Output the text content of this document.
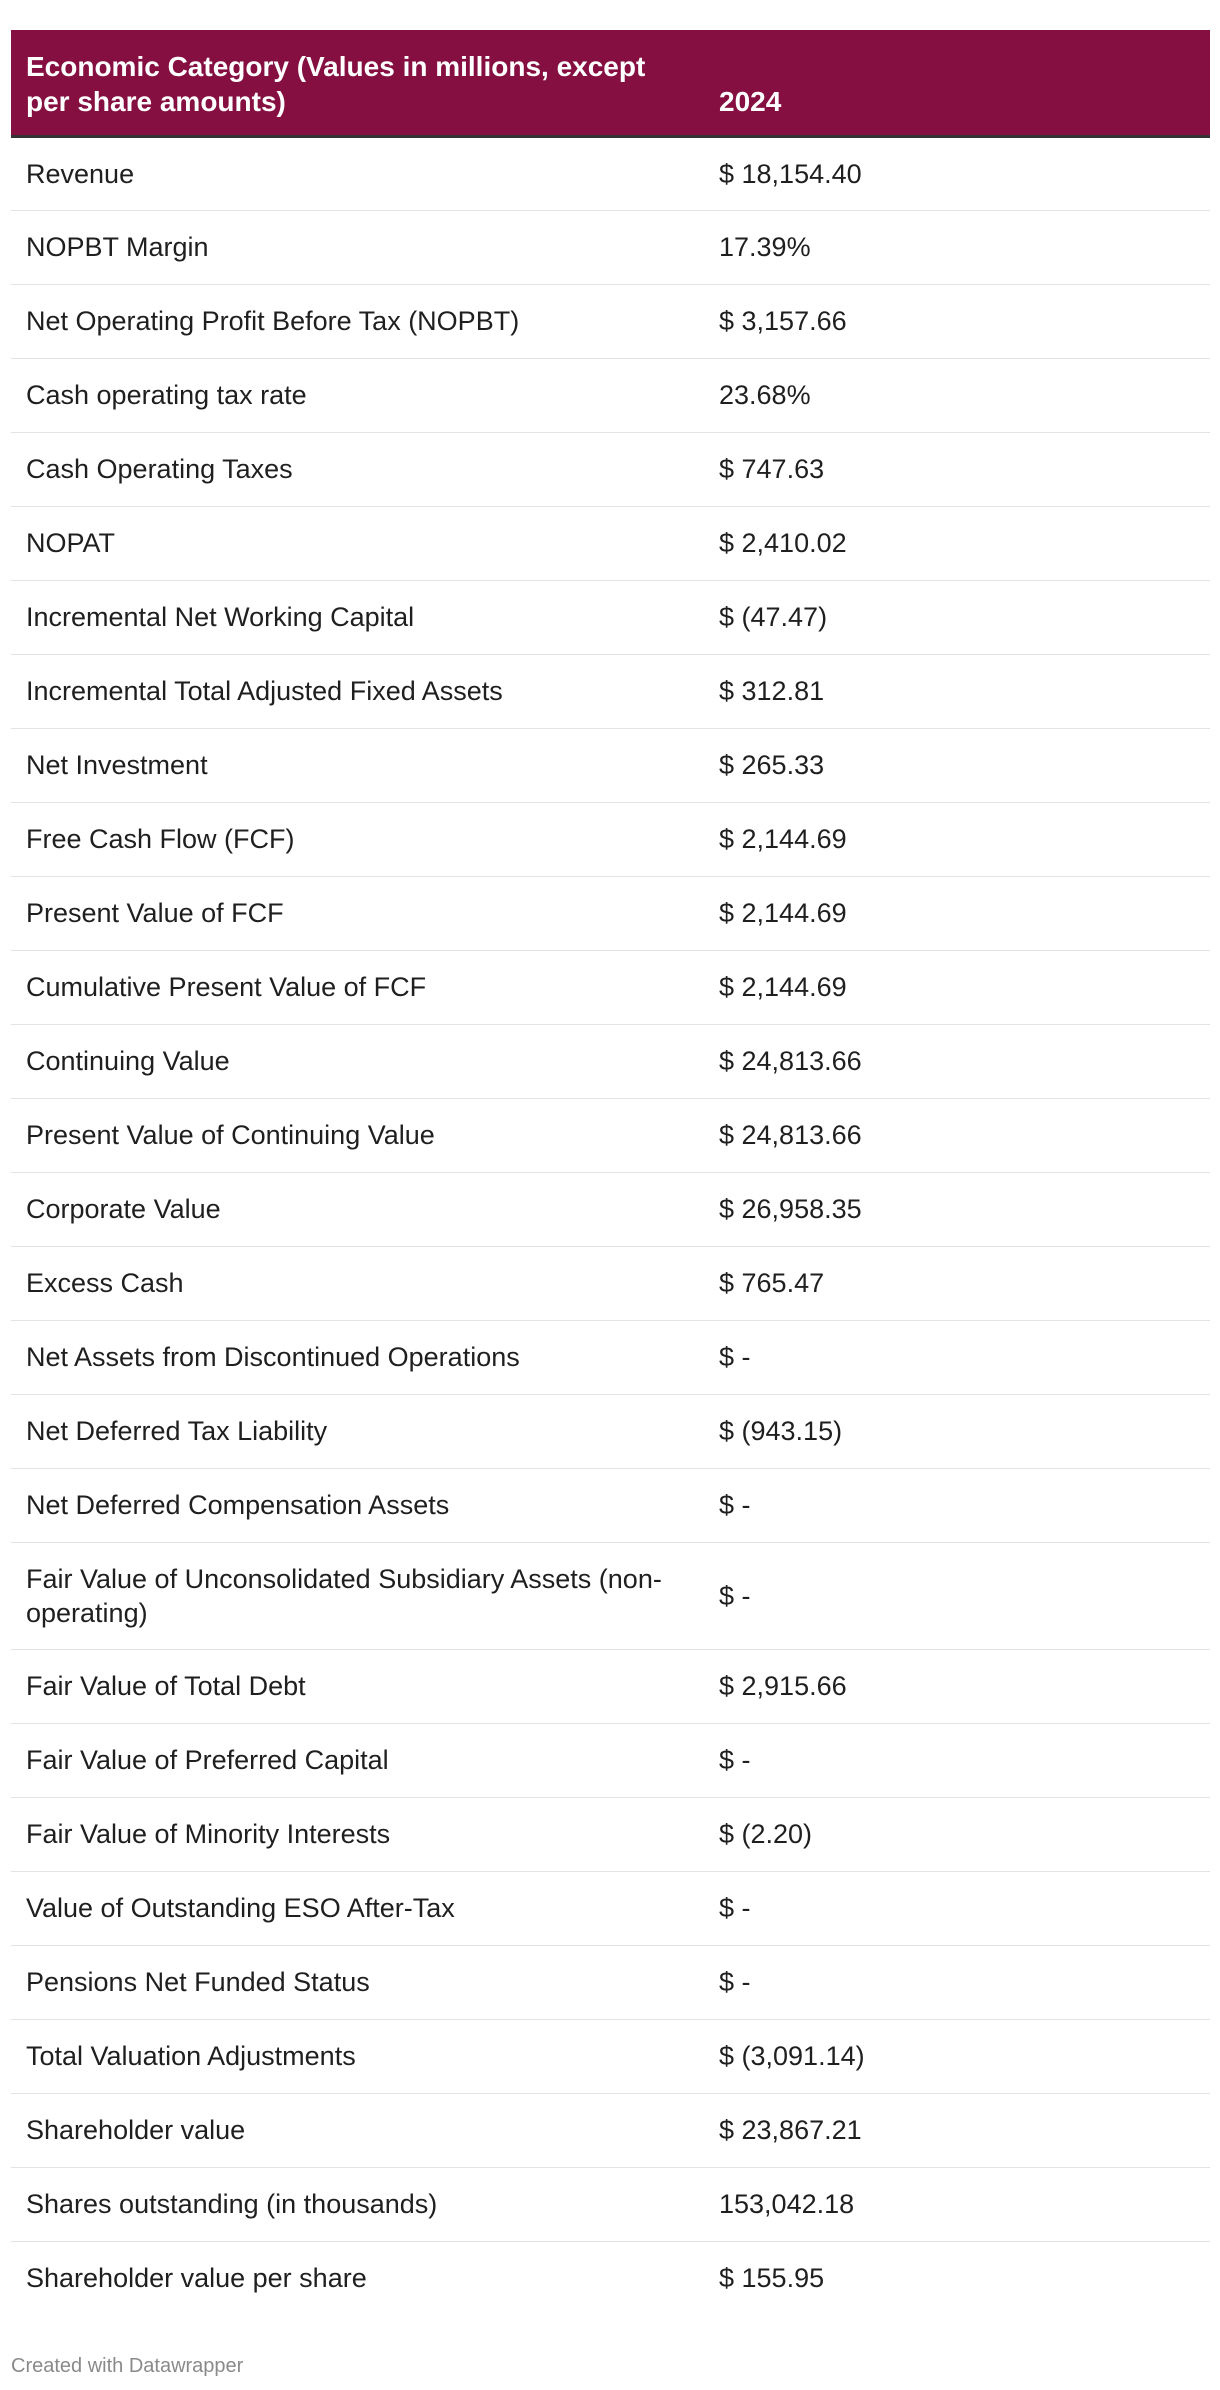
Economic Category (Values in millions, except per share amounts)	2024
Revenue	$ 18,154.40
NOPBT Margin	17.39%
Net Operating Profit Before Tax (NOPBT)	$ 3,157.66
Cash operating tax rate	23.68%
Cash Operating Taxes	$ 747.63
NOPAT	$ 2,410.02
Incremental Net Working Capital	$ (47.47)
Incremental Total Adjusted Fixed Assets	$ 312.81
Net Investment	$ 265.33
Free Cash Flow (FCF)	$ 2,144.69
Present Value of FCF	$ 2,144.69
Cumulative Present Value of FCF	$ 2,144.69
Continuing Value	$ 24,813.66
Present Value of Continuing Value	$ 24,813.66
Corporate Value	$ 26,958.35
Excess Cash	$ 765.47
Net Assets from Discontinued Operations	$ -
Net Deferred Tax Liability	$ (943.15)
Net Deferred Compensation Assets	$ -
Fair Value of Unconsolidated Subsidiary Assets (non-operating)	$ -
Fair Value of Total Debt	$ 2,915.66
Fair Value of Preferred Capital	$ -
Fair Value of Minority Interests	$ (2.20)
Value of Outstanding ESO After-Tax	$ -
Pensions Net Funded Status	$ -
Total Valuation Adjustments	$ (3,091.14)
Shareholder value	$ 23,867.21
Shares outstanding (in thousands)	153,042.18
Shareholder value per share	$ 155.95
Created with Datawrapper
